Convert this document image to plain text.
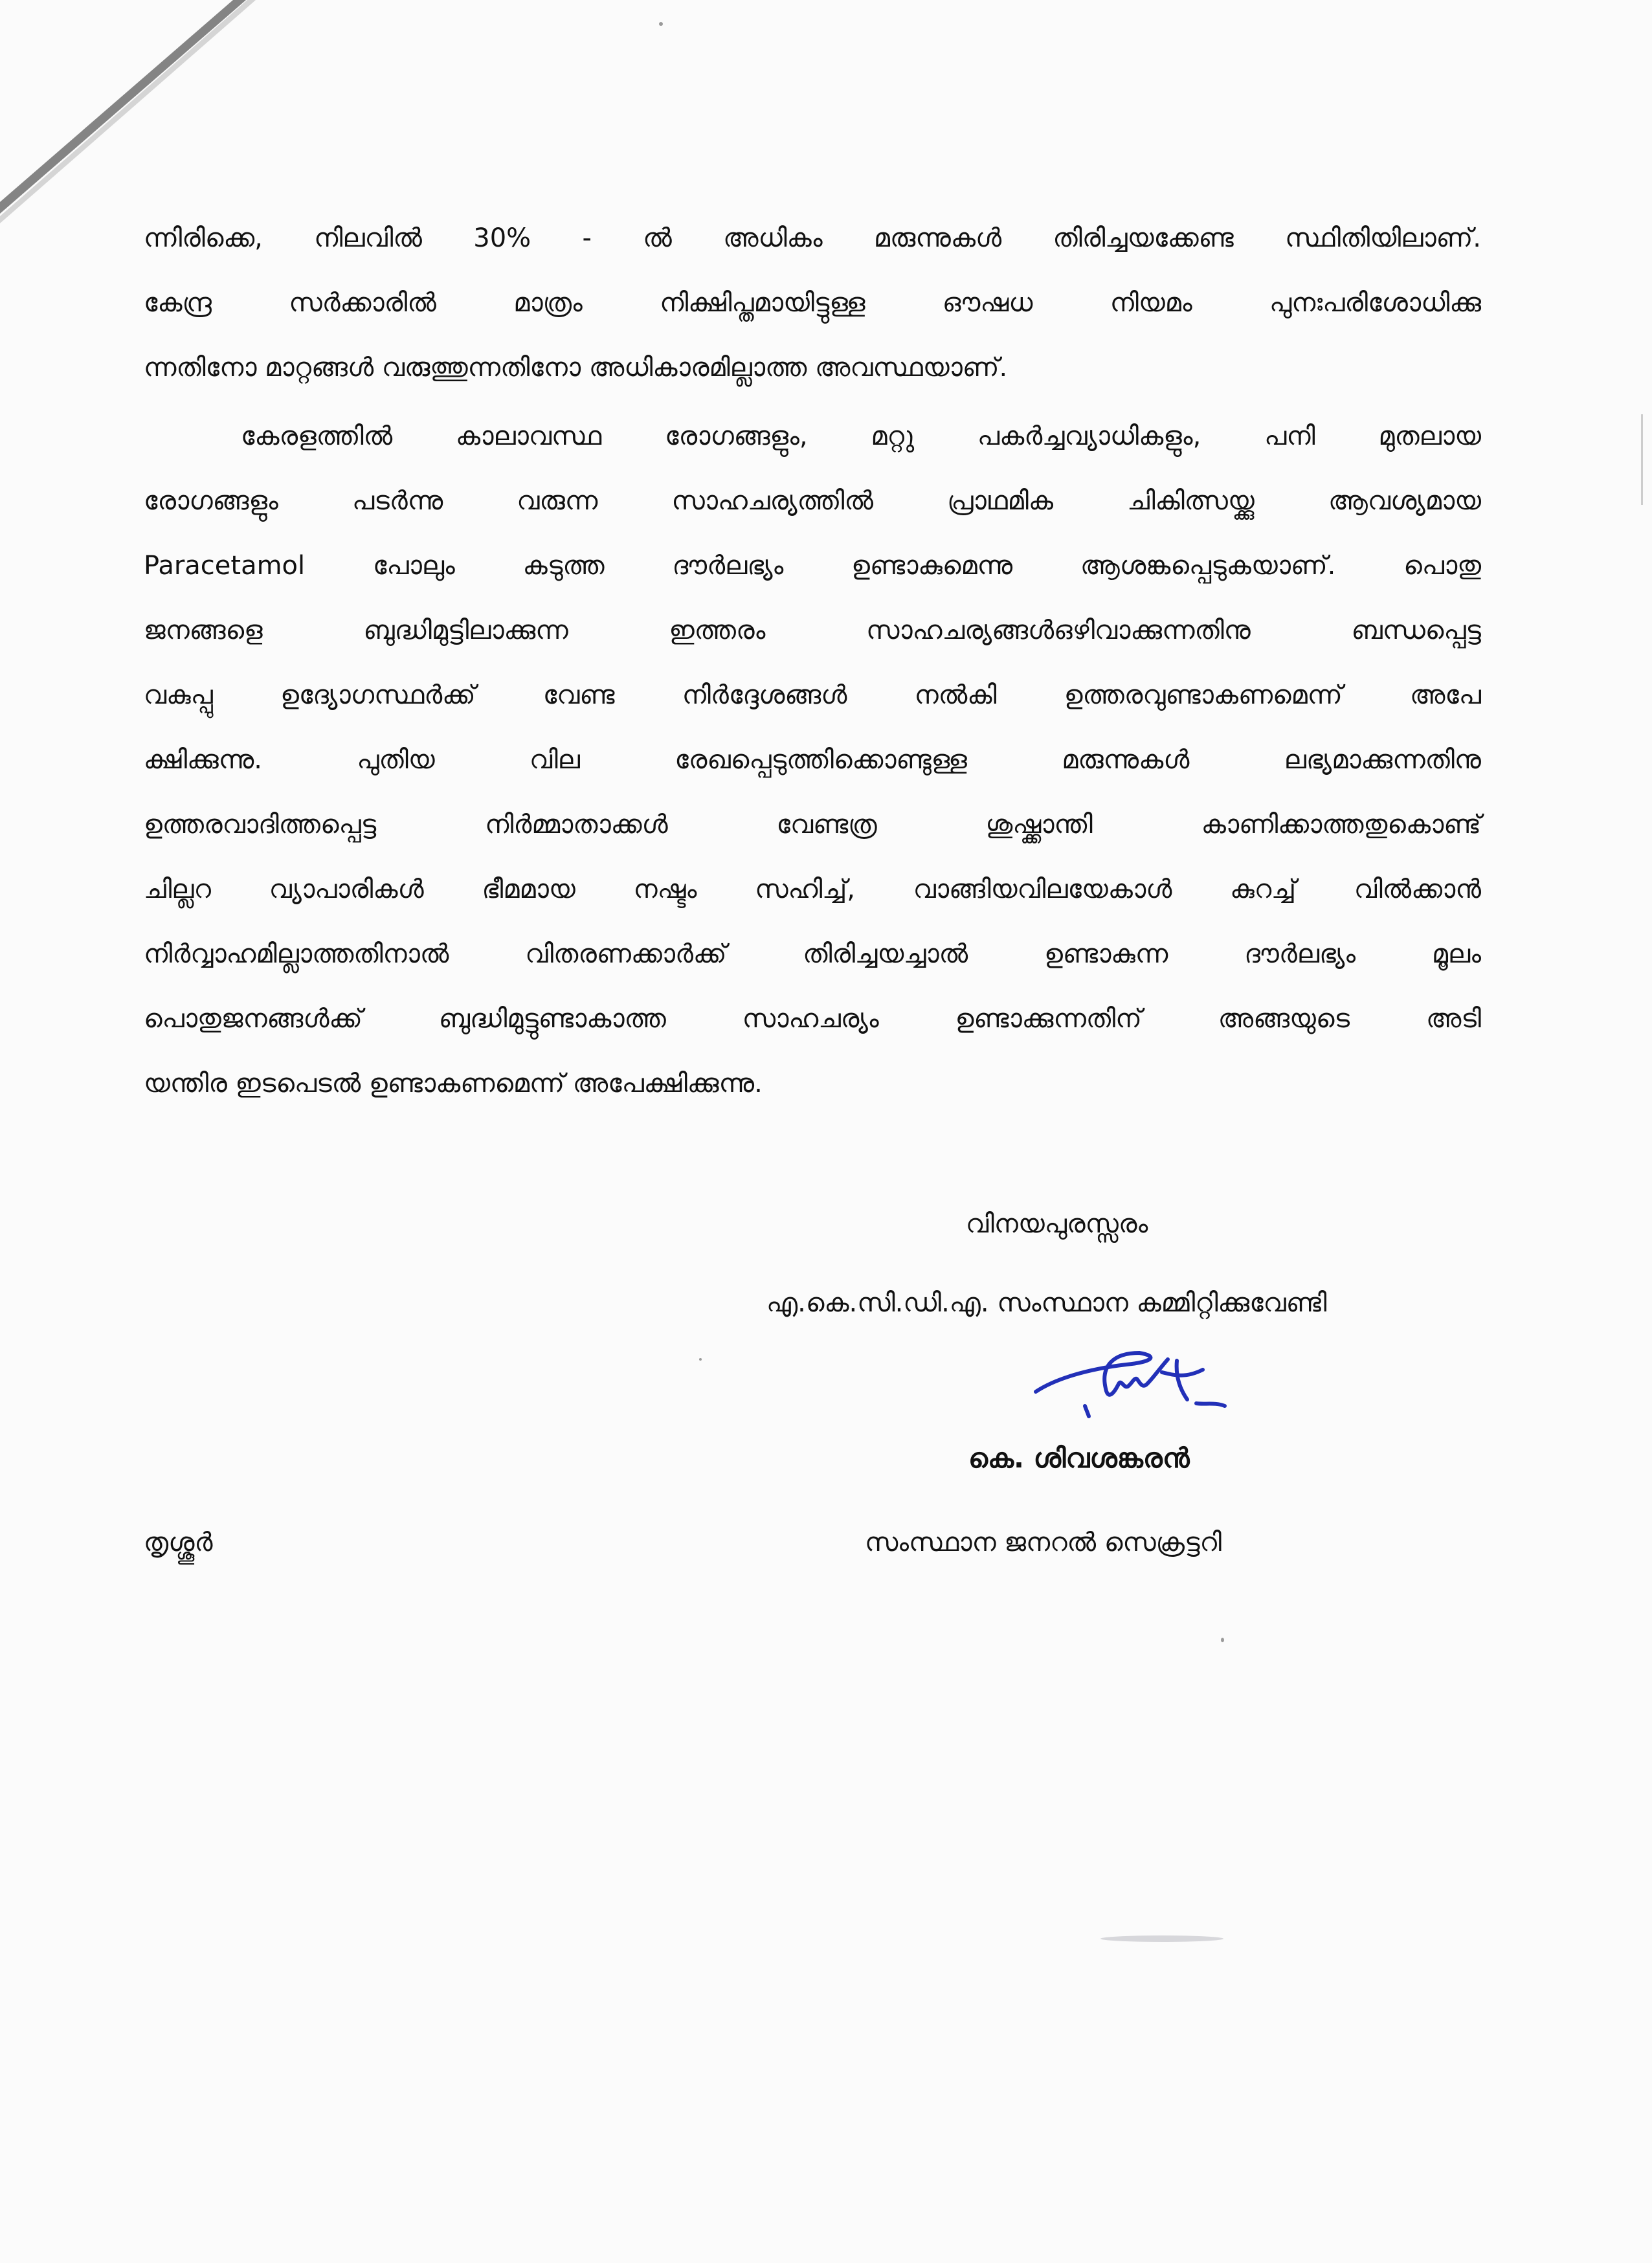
ന്നിരിക്കെ, നിലവിൽ 30% - ൽ അധികം മരുന്നുകൾ തിരിച്ചയക്കേണ്ട സ്ഥിതിയിലാണ്.
കേന്ദ്ര സർക്കാരിൽ മാത്രം നിക്ഷിപ്തമായിട്ടുള്ള ഔഷധ നിയമം പുനഃപരിശോധിക്കു
ന്നതിനോ മാറ്റങ്ങൾ വരുത്തുന്നതിനോ അധികാരമില്ലാത്ത അവസ്ഥയാണ്.
കേരളത്തിൽ കാലാവസ്ഥ രോഗങ്ങളും, മറ്റു പകർച്ചവ്യാധികളും, പനി മുതലായ
രോഗങ്ങളും പടർന്നു വരുന്ന സാഹചര്യത്തിൽ പ്രാഥമിക ചികിത്സയ്ക്കു ആവശ്യമായ
Paracetamol പോലും കടുത്ത ദൗർലഭ്യം ഉണ്ടാകുമെന്നു ആശങ്കപ്പെടുകയാണ്. പൊതു
ജനങ്ങളെ ബുദ്ധിമുട്ടിലാക്കുന്ന ഇത്തരം സാഹചര്യങ്ങൾഒഴിവാക്കുന്നതിനു ബന്ധപ്പെട്ട
വകുപ്പു ഉദ്യോഗസ്ഥർക്ക് വേണ്ട നിർദ്ദേശങ്ങൾ നൽകി ഉത്തരവുണ്ടാകണമെന്ന് അപേ
ക്ഷിക്കുന്നു. പുതിയ വില രേഖപ്പെടുത്തിക്കൊണ്ടുള്ള മരുന്നുകൾ ലഭ്യമാക്കുന്നതിനു
ഉത്തരവാദിത്തപ്പെട്ട നിർമ്മാതാക്കൾ വേണ്ടത്ര ശുഷ്ക്കാന്തി കാണിക്കാത്തതുകൊണ്ട്
ചില്ലറ വ്യാപാരികൾ ഭീമമായ നഷ്ടം സഹിച്ച്, വാങ്ങിയവിലയേകാൾ കുറച്ച് വിൽക്കാൻ
നിർവ്വാഹമില്ലാത്തതിനാൽ വിതരണക്കാർക്ക് തിരിച്ചയച്ചാൽ ഉണ്ടാകുന്ന ദൗർലഭ്യം മൂലം
പൊതുജനങ്ങൾക്ക് ബുദ്ധിമുട്ടുണ്ടാകാത്ത സാഹചര്യം ഉണ്ടാക്കുന്നതിന് അങ്ങയുടെ അടി
യന്തിര ഇടപെടൽ ഉണ്ടാകണമെന്ന് അപേക്ഷിക്കുന്നു.
വിനയപുരസ്സരം
എ.കെ.സി.ഡി.എ. സംസ്ഥാന കമ്മിറ്റിക്കുവേണ്ടി
കെ. ശിവശങ്കരൻ
തൃശ്ശൂർ	സംസ്ഥാന ജനറൽ സെക്രട്ടറി
